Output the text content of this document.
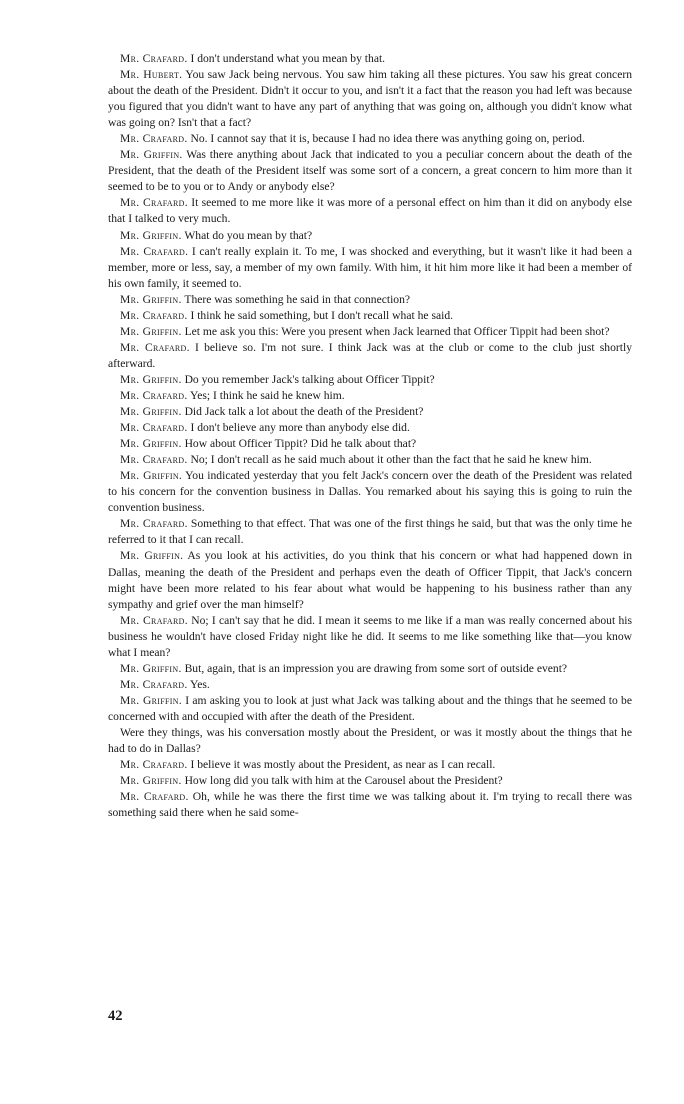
Mr. Crafard. I don't understand what you mean by that.

Mr. Hubert. You saw Jack being nervous. You saw him taking all these pictures. You saw his great concern about the death of the President. Didn't it occur to you, and isn't it a fact that the reason you had left was because you figured that you didn't want to have any part of anything that was going on, although you didn't know what was going on? Isn't that a fact?

Mr. Crafard. No. I cannot say that it is, because I had no idea there was anything going on, period.

Mr. Griffin. Was there anything about Jack that indicated to you a peculiar concern about the death of the President, that the death of the President itself was some sort of a concern, a great concern to him more than it seemed to be to you or to Andy or anybody else?

Mr. Crafard. It seemed to me more like it was more of a personal effect on him than it did on anybody else that I talked to very much.

Mr. Griffin. What do you mean by that?

Mr. Crafard. I can't really explain it. To me, I was shocked and everything, but it wasn't like it had been a member, more or less, say, a member of my own family. With him, it hit him more like it had been a member of his own family, it seemed to.

Mr. Griffin. There was something he said in that connection?

Mr. Crafard. I think he said something, but I don't recall what he said.

Mr. Griffin. Let me ask you this: Were you present when Jack learned that Officer Tippit had been shot?

Mr. Crafard. I believe so. I'm not sure. I think Jack was at the club or come to the club just shortly afterward.

Mr. Griffin. Do you remember Jack's talking about Officer Tippit?

Mr. Crafard. Yes; I think he said he knew him.

Mr. Griffin. Did Jack talk a lot about the death of the President?

Mr. Crafard. I don't believe any more than anybody else did.

Mr. Griffin. How about Officer Tippit? Did he talk about that?

Mr. Crafard. No; I don't recall as he said much about it other than the fact that he said he knew him.

Mr. Griffin. You indicated yesterday that you felt Jack's concern over the death of the President was related to his concern for the convention business in Dallas. You remarked about his saying this is going to ruin the convention business.

Mr. Crafard. Something to that effect. That was one of the first things he said, but that was the only time he referred to it that I can recall.

Mr. Griffin. As you look at his activities, do you think that his concern or what had happened down in Dallas, meaning the death of the President and perhaps even the death of Officer Tippit, that Jack's concern might have been more related to his fear about what would be happening to his business rather than any sympathy and grief over the man himself?

Mr. Crafard. No; I can't say that he did. I mean it seems to me like if a man was really concerned about his business he wouldn't have closed Friday night like he did. It seems to me like something like that—you know what I mean?

Mr. Griffin. But, again, that is an impression you are drawing from some sort of outside event?

Mr. Crafard. Yes.

Mr. Griffin. I am asking you to look at just what Jack was talking about and the things that he seemed to be concerned with and occupied with after the death of the President.

Were they things, was his conversation mostly about the President, or was it mostly about the things that he had to do in Dallas?

Mr. Crafard. I believe it was mostly about the President, as near as I can recall.

Mr. Griffin. How long did you talk with him at the Carousel about the President?

Mr. Crafard. Oh, while he was there the first time we was talking about it. I'm trying to recall there was something said there when he said some-

42
